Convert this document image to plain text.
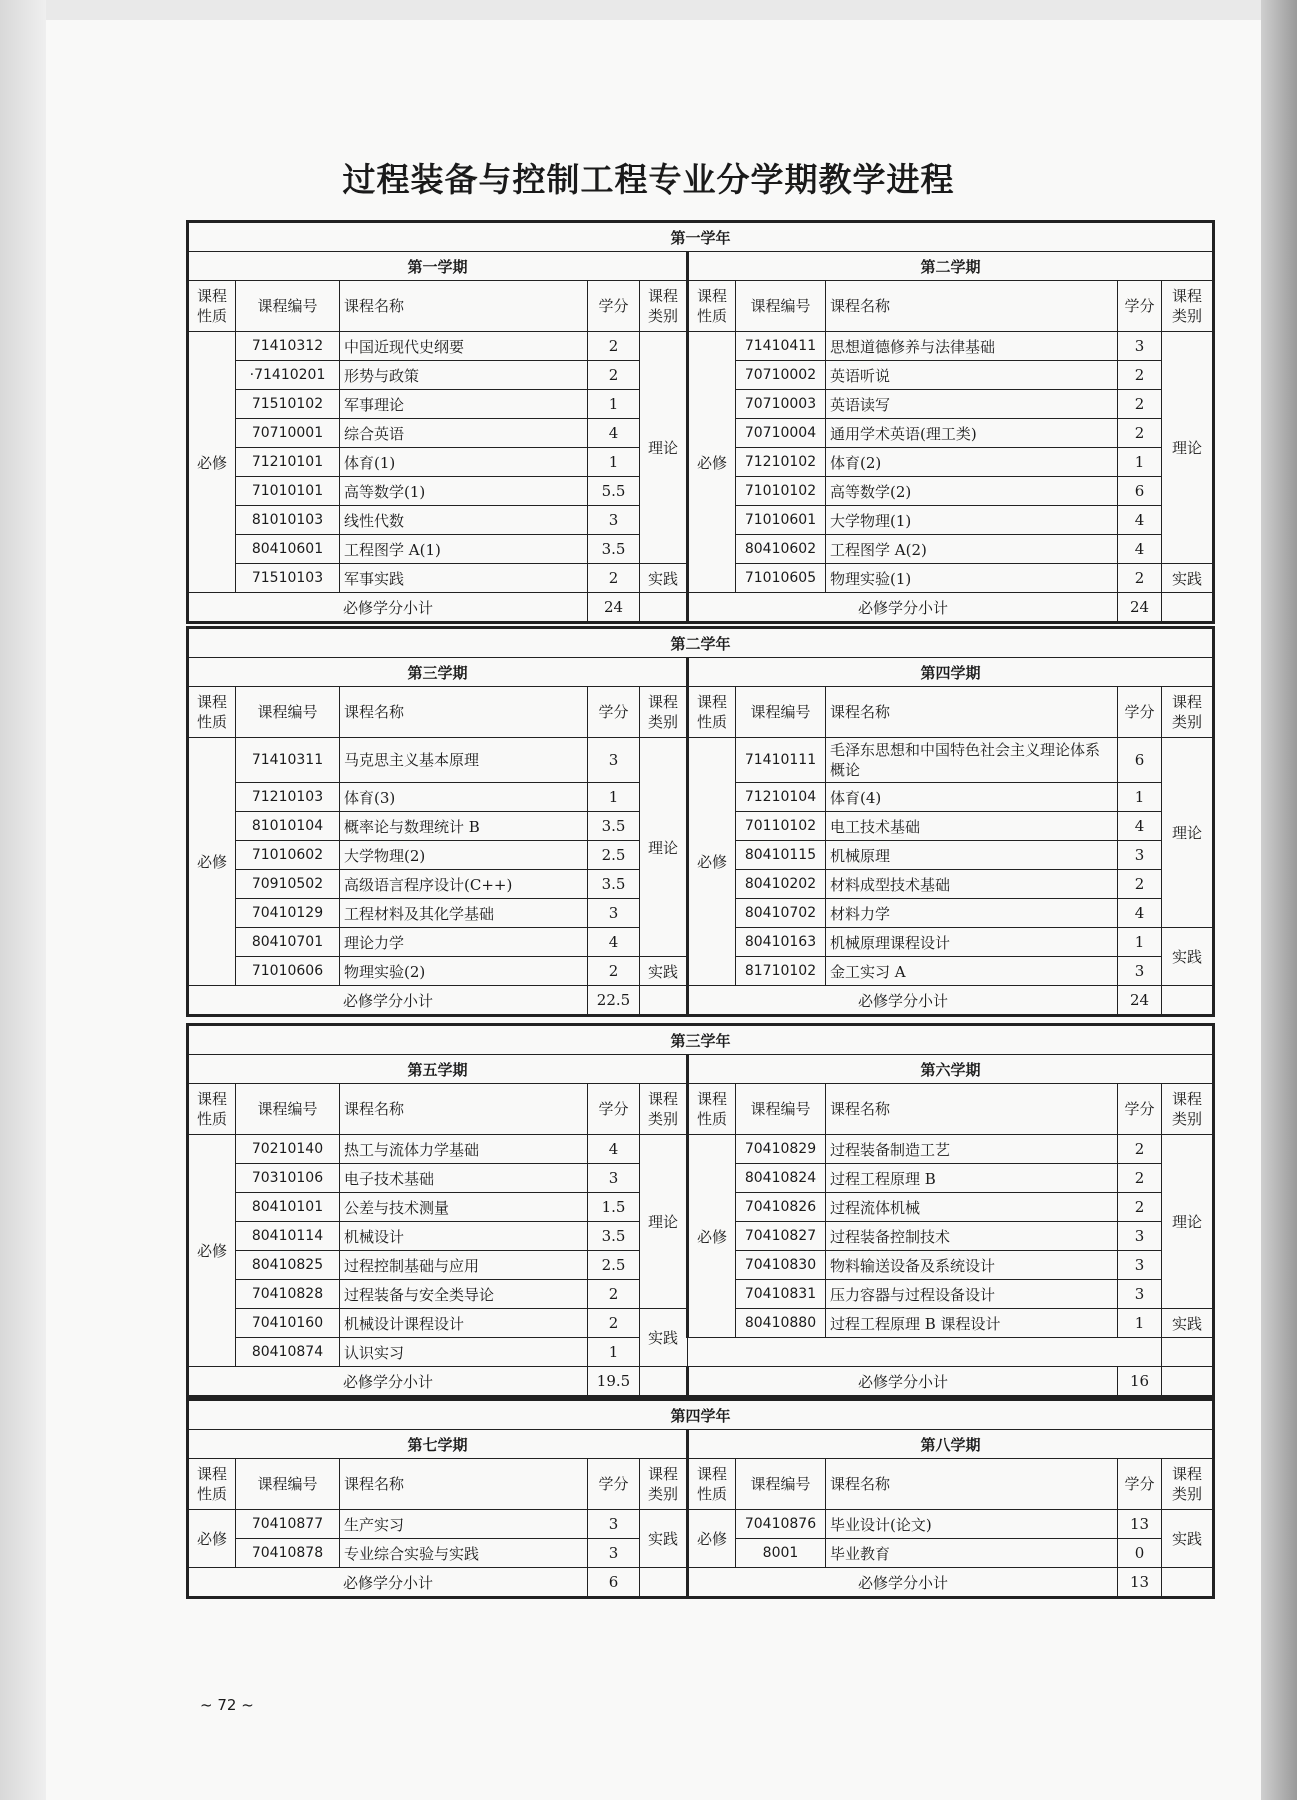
过程装备与控制工程专业分学期教学进程
第一学年									
第一学期					第二学期				
课程性质	课程编号	课程名称	学分	课程类别	课程性质	课程编号	课程名称	学分	课程类别
必修	71410312	中国近现代史纲要	2	理论	必修	71410411	思想道德修养与法律基础	3	理论
	·71410201	形势与政策	2			70710002	英语听说	2	
	71510102	军事理论	1			70710003	英语读写	2	
	70710001	综合英语	4			70710004	通用学术英语(理工类)	2	
	71210101	体育(1)	1			71210102	体育(2)	1	
	71010101	高等数学(1)	5.5			71010102	高等数学(2)	6	
	81010103	线性代数	3			71010601	大学物理(1)	4	
	80410601	工程图学 A(1)	3.5			80410602	工程图学 A(2)	4	
	71510103	军事实践	2	实践		71010605	物理实验(1)	2	实践
必修学分小计			24		必修学分小计			24	
第二学年									
第三学期					第四学期				
课程性质	课程编号	课程名称	学分	课程类别	课程性质	课程编号	课程名称	学分	课程类别
必修	71410311	马克思主义基本原理	3	理论	必修	71410111	毛泽东思想和中国特色社会主义理论体系概论	6	理论
	71210103	体育(3)	1			71210104	体育(4)	1	
	81010104	概率论与数理统计 B	3.5			70110102	电工技术基础	4	
	71010602	大学物理(2)	2.5			80410115	机械原理	3	
	70910502	高级语言程序设计(C++)	3.5			80410202	材料成型技术基础	2	
	70410129	工程材料及其化学基础	3			80410702	材料力学	4	
	80410701	理论力学	4			80410163	机械原理课程设计	1	实践
	71010606	物理实验(2)	2	实践		81710102	金工实习 A	3	
必修学分小计			22.5		必修学分小计			24	
第三学年									
第五学期					第六学期				
课程性质	课程编号	课程名称	学分	课程类别	课程性质	课程编号	课程名称	学分	课程类别
必修	70210140	热工与流体力学基础	4	理论	必修	70410829	过程装备制造工艺	2	理论
	70310106	电子技术基础	3			80410824	过程工程原理 B	2	
	80410101	公差与技术测量	1.5			70410826	过程流体机械	2	
	80410114	机械设计	3.5			70410827	过程装备控制技术	3	
	80410825	过程控制基础与应用	2.5			70410830	物料输送设备及系统设计	3	
	70410828	过程装备与安全类导论	2			70410831	压力容器与过程设备设计	3	
	70410160	机械设计课程设计	2	实践		80410880	过程工程原理 B 课程设计	1	实践
	80410874	认识实习	1						
必修学分小计			19.5		必修学分小计			16	
第四学年									
第七学期					第八学期				
课程性质	课程编号	课程名称	学分	课程类别	课程性质	课程编号	课程名称	学分	课程类别
必修	70410877	生产实习	3	实践	必修	70410876	毕业设计(论文)	13	实践
	70410878	专业综合实验与实践	3			8001	毕业教育	0	
必修学分小计			6		必修学分小计			13	
~ 72 ~
